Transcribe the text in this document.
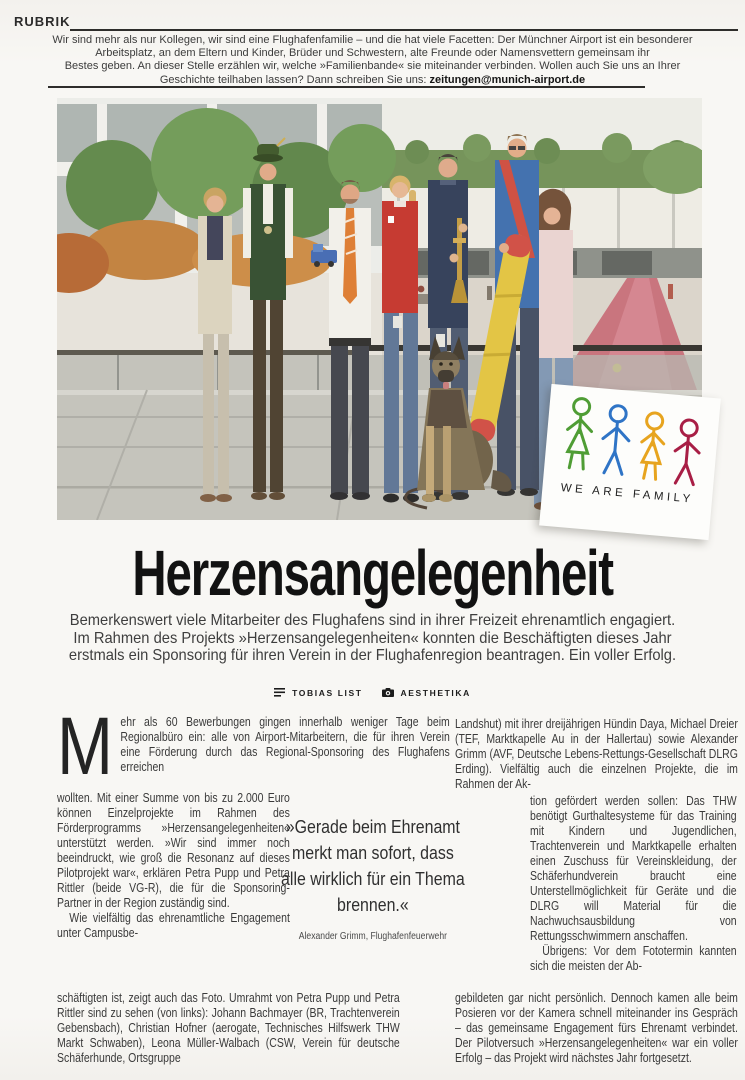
RUBRIK
Wir sind mehr als nur Kollegen, wir sind eine Flughafenfamilie – und die hat viele Facetten: Der Münchner Airport ist ein besonderer
Arbeitsplatz, an dem Eltern und Kinder, Brüder und Schwestern, alte Freunde oder Namensvettern gemeinsam ihr
Bestes geben. An dieser Stelle erzählen wir, welche »Familienbande« sie miteinander verbinden. Wollen auch Sie uns an Ihrer
Geschichte teilhaben lassen? Dann schreiben Sie uns: zeitungen@munich-airport.de
WE ARE FAMILY
Herzensangelegenheit
Bemerkenswert viele Mitarbeiter des Flughafens sind in ihrer Freizeit ehrenamtlich engagiert.
Im Rahmen des Projekts »Herzensangelegenheiten« konnten die Beschäftigten dieses Jahr
erstmals ein Sponsoring für ihren Verein in der Flughafenregion beantragen. Ein voller Erfolg.
TOBIAS LIST	AESTHETIKA

Mehr als 60 Bewerbungen gingen innerhalb weniger Tage beim Regionalbüro ein: alle von Airport-Mitarbeitern, die für ihren Verein eine Förderung durch das Regional-Sponsoring des Flughafens erreichen

wollten. Mit einer Summe von bis zu 2.000 Euro können Einzelprojekte im Rahmen des Förderprogramms »Herzensangelegenheiten« unterstützt werden. »Wir sind immer noch beeindruckt, wie groß die Resonanz auf dieses Pilotprojekt war«, erklären Petra Pupp und Petra Rittler (beide VG-R), die für die Sponsoring-Partner in der Region zuständig sind.

Wie vielfältig das ehrenamtliche Engagement unter Campusbe-

»Gerade beim Ehrenamt merkt man sofort, dass alle wirklich für ein Thema brennen.«
Alexander Grimm, Flughafenfeuerwehr

schäftigten ist, zeigt auch das Foto. Umrahmt von Petra Pupp und Petra Rittler sind zu sehen (von links): Johann Bachmayer (BR, Trachtenverein Gebensbach), Christian Hofner (aerogate, Technisches Hilfswerk THW Markt Schwaben), Leona Müller-Walbach (CSW, Verein für deutsche Schäferhunde, Ortsgruppe

Landshut) mit ihrer dreijährigen Hündin Daya, Michael Dreier (TEF, Marktkapelle Au in der Hallertau) sowie Alexander Grimm (AVF, Deutsche Lebens-Rettungs-Gesellschaft DLRG Erding). Vielfältig auch die einzelnen Projekte, die im Rahmen der Ak-

tion gefördert werden sollen: Das THW benötigt Gurthaltesysteme für das Training mit Kindern und Jugendlichen, Trachtenverein und Marktkapelle erhalten einen Zuschuss für Vereinskleidung, der Schäferhundverein braucht eine Unterstellmöglichkeit für Geräte und die DLRG will Material für die Nachwuchsausbildung von Rettungsschwimmern anschaffen.

Übrigens: Vor dem Fototermin kannten sich die meisten der Ab-

gebildeten gar nicht persönlich. Dennoch kamen alle beim Posieren vor der Kamera schnell miteinander ins Gespräch – das gemeinsame Engagement fürs Ehrenamt verbindet. Der Pilotversuch »Herzensangelegenheiten« war ein voller Erfolg – das Projekt wird nächstes Jahr fortgesetzt.
